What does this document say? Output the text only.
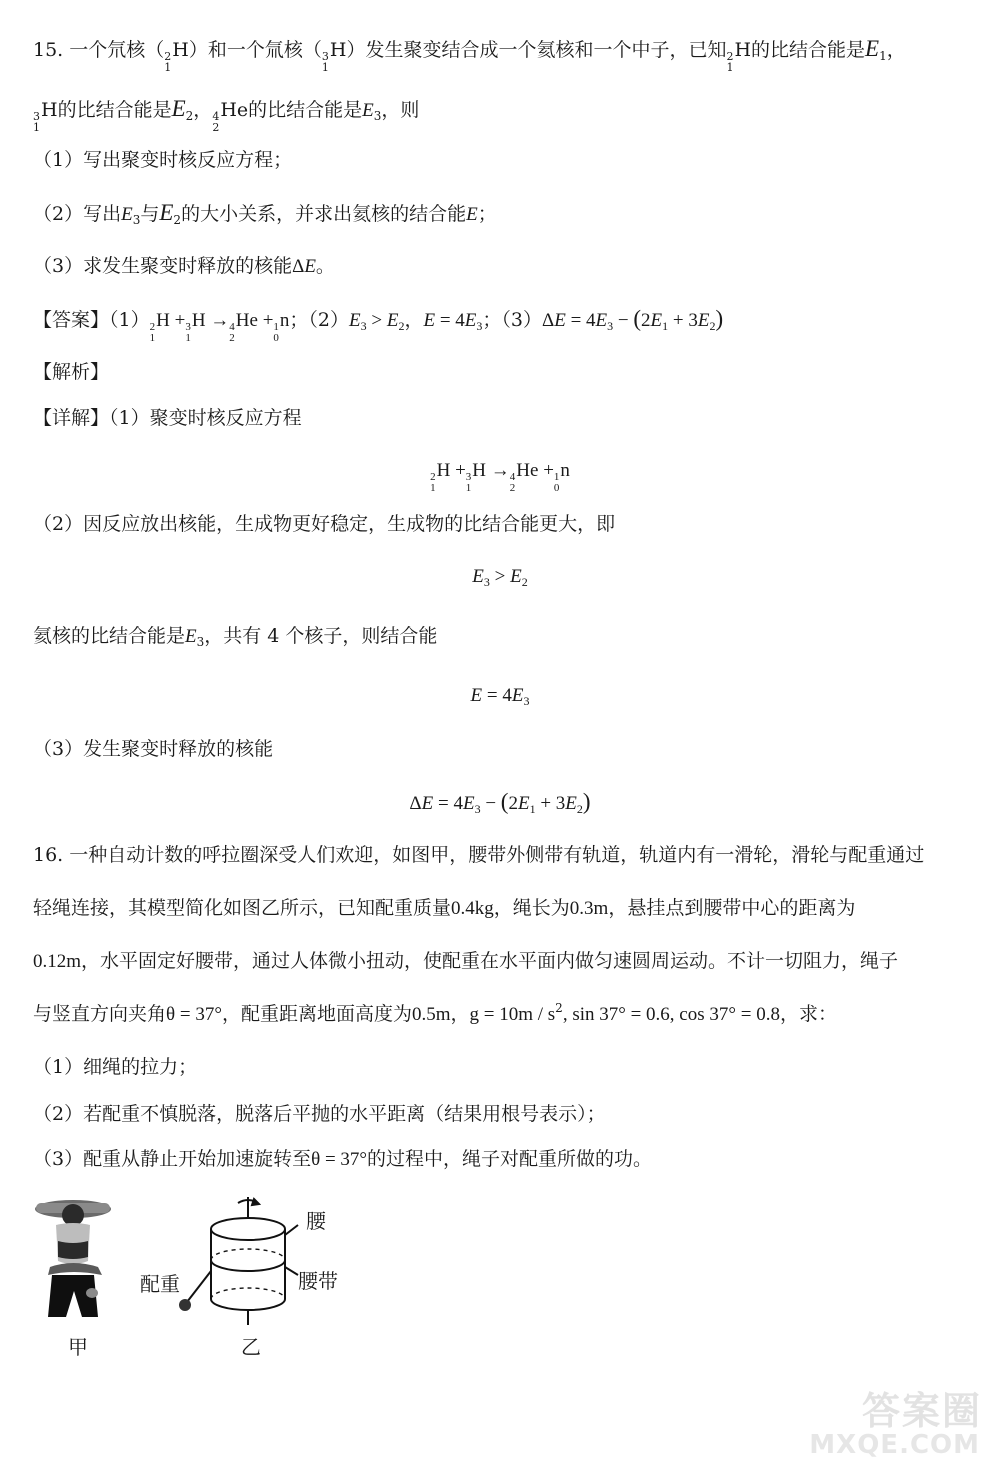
15. 一个氘核（2
1H）和一个氚核（3
1H）发生聚变结合成一个氦核和一个中子，已知2
1H的比结合能是$E_1$，
3
1H的比结合能是$E_2$，4
2He的比结合能是$E_3$，则
（1）写出聚变时核反应方程；
（2）写出$E_3$与$E_2$的大小关系，并求出氦核的结合能E；
（3）求发生聚变时释放的核能ΔE。
【答案】（1）2
1H +3
1H →4
2He +1
0n；$(2)E_3 > E_2$，$E = 4E_3$；$(3)\Delta E = 4E_3 - (2E_1 + 3E_2)$
【解析】
【详解】（1）聚变时核反应方程
2
1H +3
1H →4
2He +1
0n
（2）因反应放出核能，生成物更好稳定，生成物的比结合能更大，即
$E_3 > E_2$
氦核的比结合能是$E_3$，共有 4 个核子，则结合能
$E = 4E_3$
（3）发生聚变时释放的核能
$\Delta E = 4E_3 - (2E_1 + 3E_2)$
16. 一种自动计数的呼拉圈深受人们欢迎，如图甲，腰带外侧带有轨道，轨道内有一滑轮，滑轮与配重通过
轻绳连接，其模型简化如图乙所示，已知配重质量0.4kg，绳长为0.3m，悬挂点到腰带中心的距离为
0.12m，水平固定好腰带，通过人体微小扭动，使配重在水平面内做匀速圆周运动。不计一切阻力，绳子
与竖直方向夹角θ = 37°，配重距离地面高度为0.5m，$g = 10m / s^2$, sin 37° = 0.6, cos 37° = 0.8，求：
（1）细绳的拉力；
（2）若配重不慎脱落，脱落后平抛的水平距离（结果用根号表示）；
（3）配重从静止开始加速旋转至θ = 37°的过程中，绳子对配重所做的功。
腰
腰带
配重
甲	乙
答案圈
MXQE.COM
